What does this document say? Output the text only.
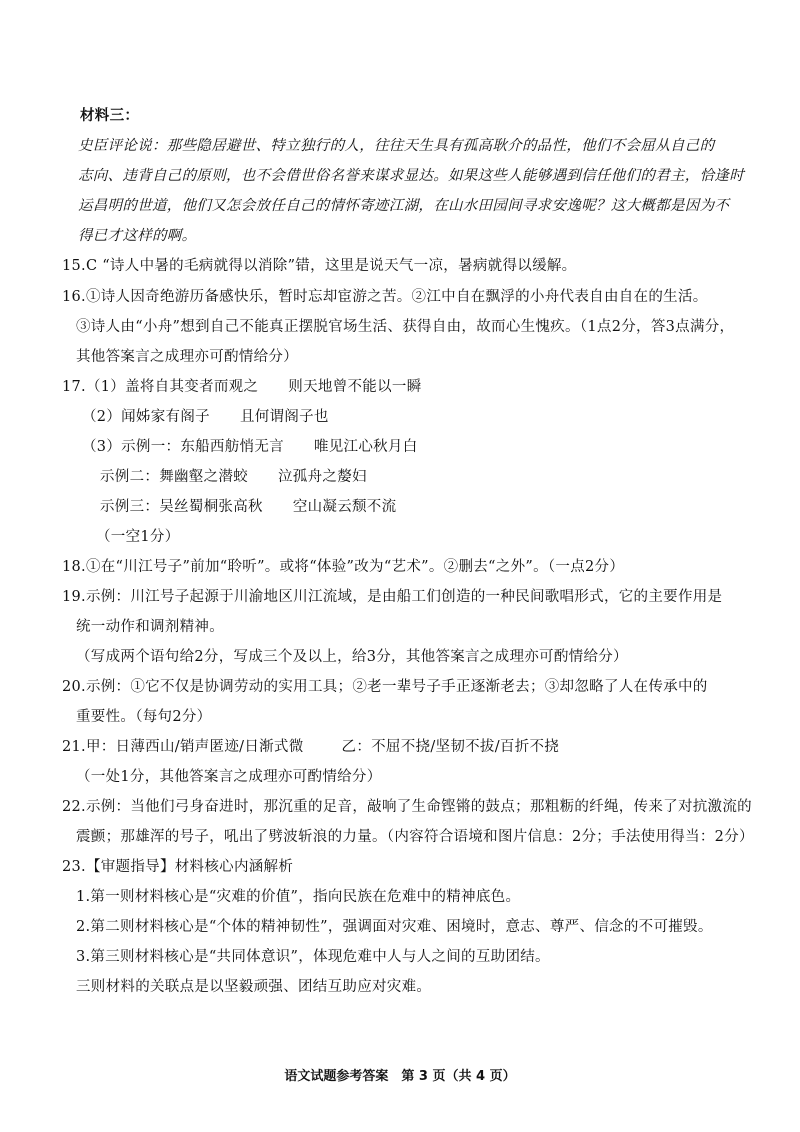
材料三：
史臣评论说：那些隐居避世、特立独行的人，往往天生具有孤高耿介的品性，他们不会屈从自己的
志向、违背自己的原则，也不会借世俗名誉来谋求显达。如果这些人能够遇到信任他们的君主，恰逢时
运昌明的世道，他们又怎会放任自己的情怀寄迹江湖，在山水田园间寻求安逸呢？这大概都是因为不
得已才这样的啊。
15.C “诗人中暑的毛病就得以消除”错，这里是说天气一凉，暑病就得以缓解。
16.①诗人因奇绝游历备感快乐，暂时忘却宦游之苦。②江中自在飘浮的小舟代表自由自在的生活。
③诗人由“小舟”想到自己不能真正摆脱官场生活、获得自由，故而心生愧疚。（1点2分，答3点满分，
其他答案言之成理亦可酌情给分）
17.（1）盖将自其变者而观之 则天地曾不能以一瞬
（2）闻姊家有阁子 且何谓阁子也
（3）示例一：东船西舫悄无言 唯见江心秋月白
示例二：舞幽壑之潜蛟 泣孤舟之嫠妇
示例三：吴丝蜀桐张高秋 空山凝云颓不流
（一空1分）
18.①在“川江号子”前加“聆听”。或将“体验”改为“艺术”。②删去“之外”。（一点2分）
19.示例：川江号子起源于川渝地区川江流域，是由船工们创造的一种民间歌唱形式，它的主要作用是
统一动作和调剂精神。
（写成两个语句给2分，写成三个及以上，给3分，其他答案言之成理亦可酌情给分）
20.示例：①它不仅是协调劳动的实用工具；②老一辈号子手正逐渐老去；③却忽略了人在传承中的
重要性。（每句2分）
21.甲：日薄西山/销声匿迹/日渐式微	乙：不屈不挠/坚韧不拔/百折不挠
（一处1分，其他答案言之成理亦可酌情给分）
22.示例：当他们弓身奋进时，那沉重的足音，敲响了生命铿锵的鼓点；那粗粝的纤绳，传来了对抗激流的
震颤；那雄浑的号子，吼出了劈波斩浪的力量。（内容符合语境和图片信息：2分；手法使用得当：2分）
23.【审题指导】材料核心内涵解析
1.第一则材料核心是“灾难的价值”，指向民族在危难中的精神底色。
2.第二则材料核心是“个体的精神韧性”，强调面对灾难、困境时，意志、尊严、信念的不可摧毁。
3.第三则材料核心是“共同体意识”，体现危难中人与人之间的互助团结。
三则材料的关联点是以坚毅顽强、团结互助应对灾难。
语文试题参考答案　第 3 页（共 4 页）
